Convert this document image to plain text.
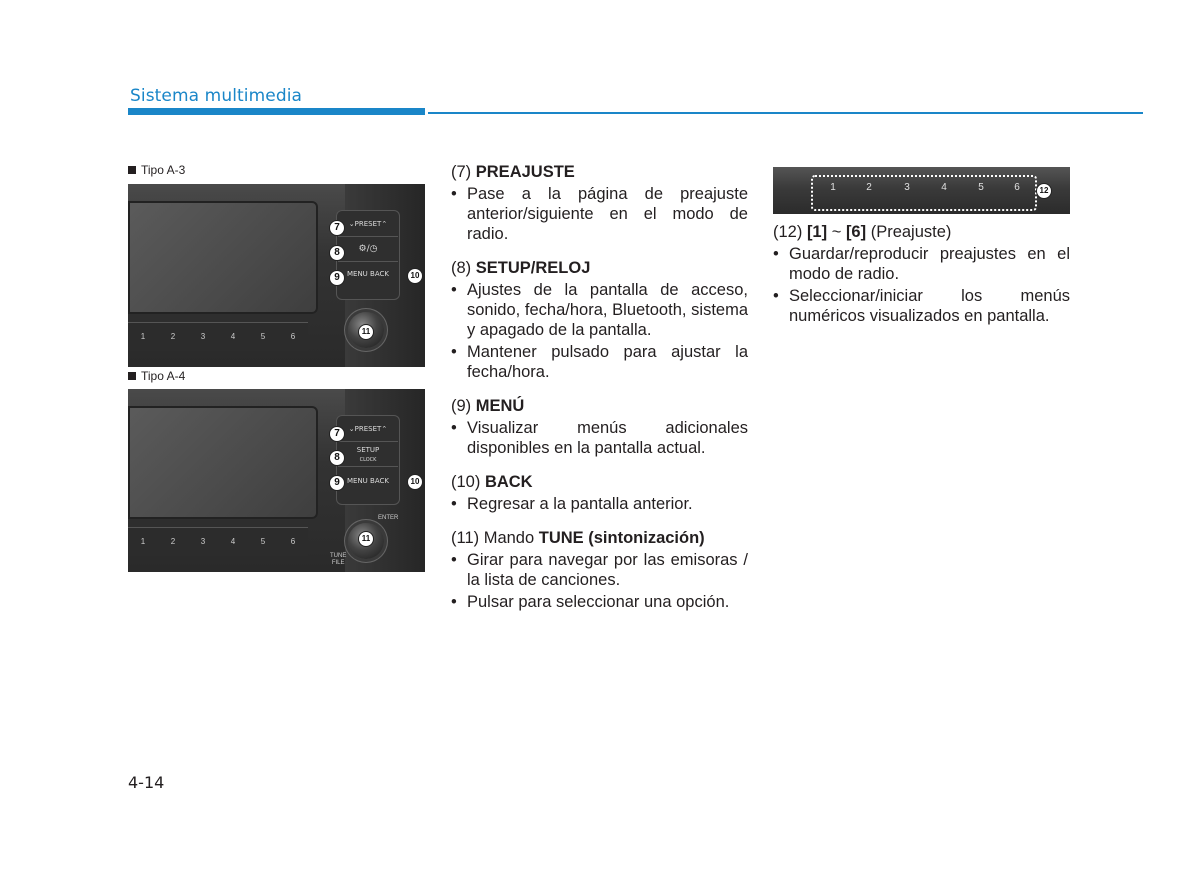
Sistema multimedia
Tipo A-3
⌄PRESET⌃
⚙/◷
MENU BACK
1	2	3	4	5	6
7
8
9	10
11
Tipo A-4
⌄PRESET⌃
SETUP
CLOCK
MENU BACK
ENTER
1	2	3	4	5	6
TUNE
FILE
7
8
9	10
11

(7) PREAJUSTE

• Pase a la página de preajuste anterior/siguiente en el modo de radio.

(8) SETUP/RELOJ

• Ajustes de la pantalla de acceso, sonido, fecha/hora, Bluetooth, sistema y apagado de la pantalla.

• Mantener pulsado para ajustar la fecha/hora.

(9) MENÚ

• Visualizar menús adicionales disponibles en la pantalla actual.

(10) BACK

• Regresar a la pantalla anterior.

(11) Mando TUNE (sintonización)

• Girar para navegar por las emisoras / la lista de canciones.

• Pulsar para seleccionar una opción.

1	2	3	4	5	6	12

(12) [1] ~ [6] (Preajuste)

• Guardar/reproducir preajustes en el modo de radio.

• Seleccionar/iniciar los menús numéricos visualizados en pantalla.

4-14
